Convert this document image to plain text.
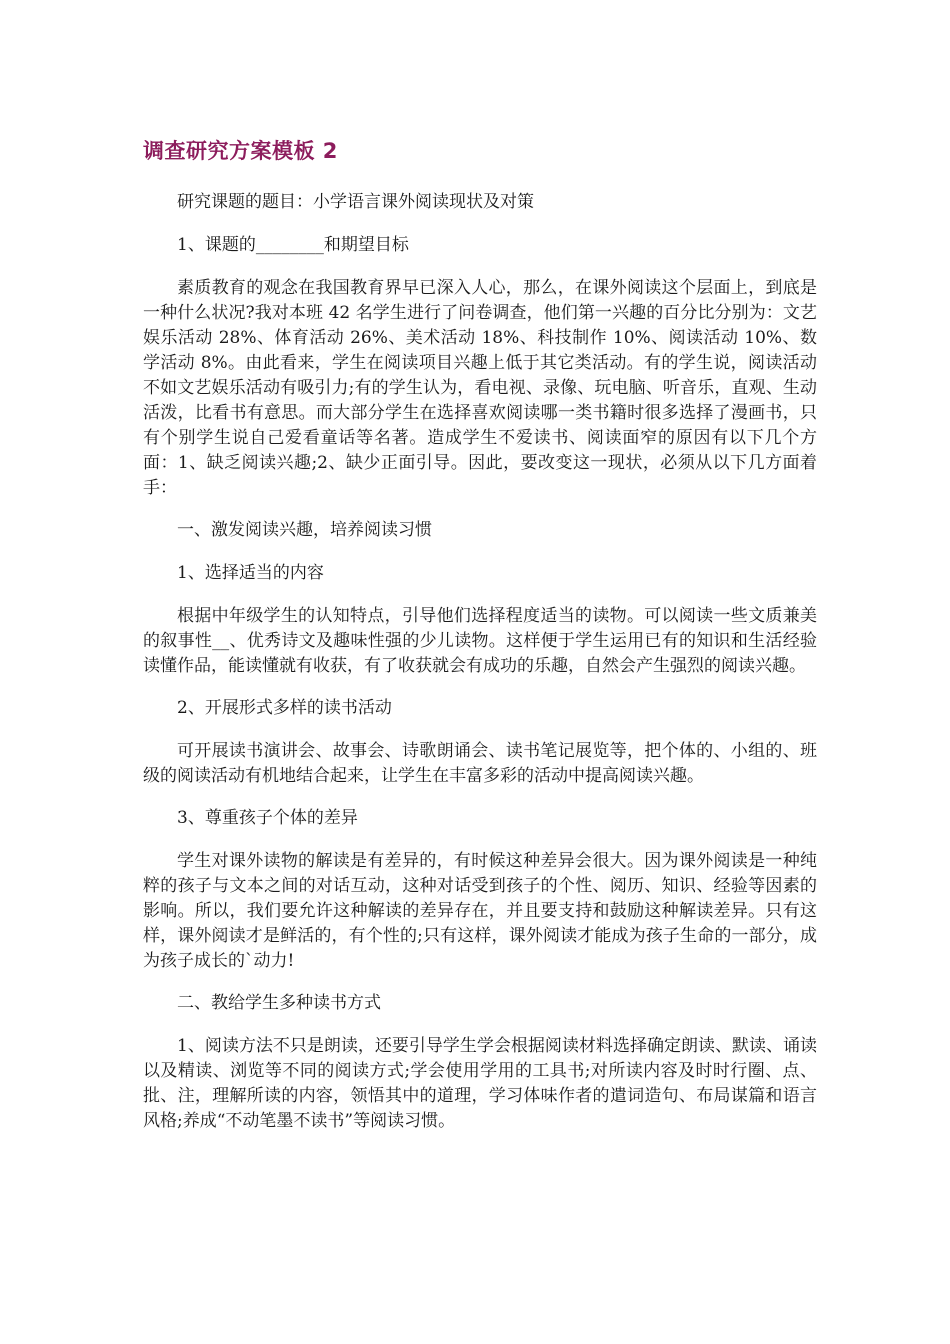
调查研究方案模板 2

研究课题的题目：小学语言课外阅读现状及对策

1、课题的________和期望目标

素质教育的观念在我国教育界早已深入人心，那么，在课外阅读这个层面上，到底是一种什么状况?我对本班 42 名学生进行了问卷调查，他们第一兴趣的百分比分别为：文艺娱乐活动 28%、体育活动 26%、美术活动 18%、科技制作 10%、阅读活动 10%、数学活动 8%。由此看来，学生在阅读项目兴趣上低于其它类活动。有的学生说，阅读活动不如文艺娱乐活动有吸引力;有的学生认为，看电视、录像、玩电脑、听音乐，直观、生动活泼，比看书有意思。而大部分学生在选择喜欢阅读哪一类书籍时很多选择了漫画书，只有个别学生说自己爱看童话等名著。造成学生不爱读书、阅读面窄的原因有以下几个方面：1、缺乏阅读兴趣;2、缺少正面引导。因此，要改变这一现状，必须从以下几方面着手：

一、激发阅读兴趣，培养阅读习惯

1、选择适当的内容

根据中年级学生的认知特点，引导他们选择程度适当的读物。可以阅读一些文质兼美的叙事性__、优秀诗文及趣味性强的少儿读物。这样便于学生运用已有的知识和生活经验读懂作品，能读懂就有收获，有了收获就会有成功的乐趣，自然会产生强烈的阅读兴趣。

2、开展形式多样的读书活动

可开展读书演讲会、故事会、诗歌朗诵会、读书笔记展览等，把个体的、小组的、班级的阅读活动有机地结合起来，让学生在丰富多彩的活动中提高阅读兴趣。

3、尊重孩子个体的差异

学生对课外读物的解读是有差异的，有时候这种差异会很大。因为课外阅读是一种纯粹的孩子与文本之间的对话互动，这种对话受到孩子的个性、阅历、知识、经验等因素的影响。所以，我们要允许这种解读的差异存在，并且要支持和鼓励这种解读差异。只有这样，课外阅读才是鲜活的，有个性的;只有这样，课外阅读才能成为孩子生命的一部分，成为孩子成长的`动力!

二、教给学生多种读书方式

1、阅读方法不只是朗读，还要引导学生学会根据阅读材料选择确定朗读、默读、诵读以及精读、浏览等不同的阅读方式;学会使用学用的工具书;对所读内容及时时行圈、点、批、注，理解所读的内容，领悟其中的道理，学习体味作者的遣词造句、布局谋篇和语言风格;养成“不动笔墨不读书”等阅读习惯。
